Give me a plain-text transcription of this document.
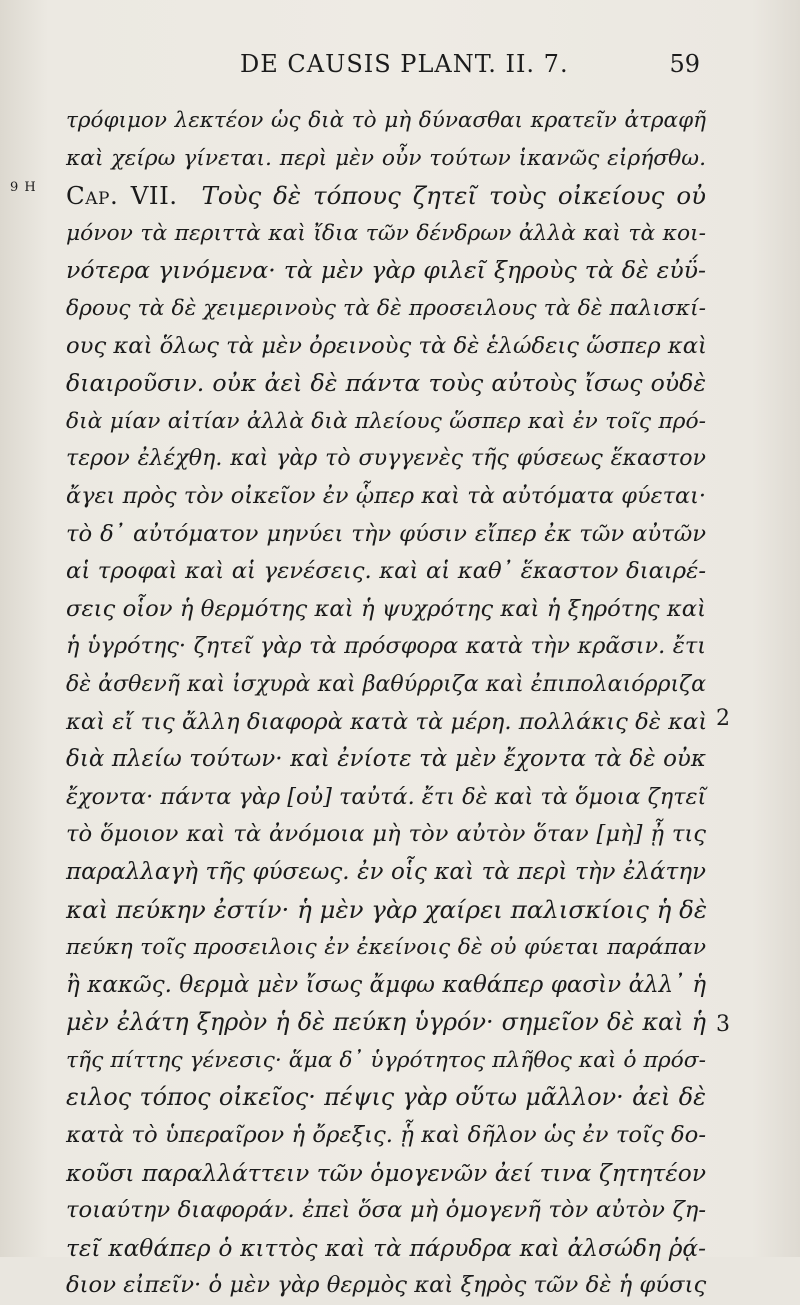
DE CAUSIS PLANT. II. 7.	59
9 H
2
3
τρόφιμον λεκτέον ὡς διὰ τὸ μὴ δύνασθαι κρατεῖν ἀτραφῆ
καὶ χείρω γίνεται. περὶ μὲν οὖν τούτων ἱκανῶς εἰρήσθω.
Cap. VII. Τοὺς δὲ τόπους ζητεῖ τοὺς οἰκείους οὐ
μόνον τὰ περιττὰ καὶ ἴδια τῶν δένδρων ἀλλὰ καὶ τὰ κοι-
νότερα γινόμενα· τὰ μὲν γὰρ φιλεῖ ξηροὺς τὰ δὲ εὐΰ-
δρους τὰ δὲ χειμερινοὺς τὰ δὲ προσειλους τὰ δὲ παλισκί-
ους καὶ ὅλως τὰ μὲν ὀρεινοὺς τὰ δὲ ἑλώδεις ὥσπερ καὶ
διαιροῦσιν. οὐκ ἀεὶ δὲ πάντα τοὺς αὐτοὺς ἴσως οὐδὲ
διὰ μίαν αἰτίαν ἀλλὰ διὰ πλείους ὥσπερ καὶ ἐν τοῖς πρό-
τερον ἐλέχθη. καὶ γὰρ τὸ συγγενὲς τῆς φύσεως ἕκαστον
ἄγει πρὸς τὸν οἰκεῖον ἐν ᾧπερ καὶ τὰ αὐτόματα φύεται·
τὸ δ᾽ αὐτόματον μηνύει τὴν φύσιν εἴπερ ἐκ τῶν αὐτῶν
αἱ τροφαὶ καὶ αἱ γενέσεις. καὶ αἱ καθ᾽ ἕκαστον διαιρέ-
σεις οἷον ἡ θερμότης καὶ ἡ ψυχρότης καὶ ἡ ξηρότης καὶ
ἡ ὑγρότης· ζητεῖ γὰρ τὰ πρόσφορα κατὰ τὴν κρᾶσιν. ἔτι
δὲ ἀσθενῆ καὶ ἰσχυρὰ καὶ βαθύρριζα καὶ ἐπιπολαιόρριζα
καὶ εἴ τις ἄλλη διαφορὰ κατὰ τὰ μέρη. πολλάκις δὲ καὶ
διὰ πλείω τούτων· καὶ ἐνίοτε τὰ μὲν ἔχοντα τὰ δὲ οὐκ
ἔχοντα· πάντα γὰρ [οὐ] ταὐτά. ἔτι δὲ καὶ τὰ ὅμοια ζητεῖ
τὸ ὅμοιον καὶ τὰ ἀνόμοια μὴ τὸν αὐτὸν ὅταν [μὴ] ᾖ τις
παραλλαγὴ τῆς φύσεως. ἐν οἷς καὶ τὰ περὶ τὴν ἐλάτην
καὶ πεύκην ἐστίν· ἡ μὲν γὰρ χαίρει παλισκίοις ἡ δὲ
πεύκη τοῖς προσειλοις ἐν ἐκείνοις δὲ οὐ φύεται παράπαν
ἢ κακῶς. θερμὰ μὲν ἴσως ἄμφω καθάπερ φασὶν ἀλλ᾽ ἡ
μὲν ἐλάτη ξηρὸν ἡ δὲ πεύκη ὑγρόν· σημεῖον δὲ καὶ ἡ
τῆς πίττης γένεσις· ἅμα δ᾽ ὑγρότητος πλῆθος καὶ ὁ πρόσ-
ειλος τόπος οἰκεῖος· πέψις γὰρ οὕτω μᾶλλον· ἀεὶ δὲ
κατὰ τὸ ὑπεραῖρον ἡ ὄρεξις. ᾗ καὶ δῆλον ὡς ἐν τοῖς δο-
κοῦσι παραλλάττειν τῶν ὁμογενῶν ἀεί τινα ζητητέον
τοιαύτην διαφοράν. ἐπεὶ ὅσα μὴ ὁμογενῆ τὸν αὐτὸν ζη-
τεῖ καθάπερ ὁ κιττὸς καὶ τὰ πάρυδρα καὶ ἀλσώδη ῥᾴ-
διον εἰπεῖν· ὁ μὲν γὰρ θερμὸς καὶ ξηρὸς τῶν δὲ ἡ φύσις
